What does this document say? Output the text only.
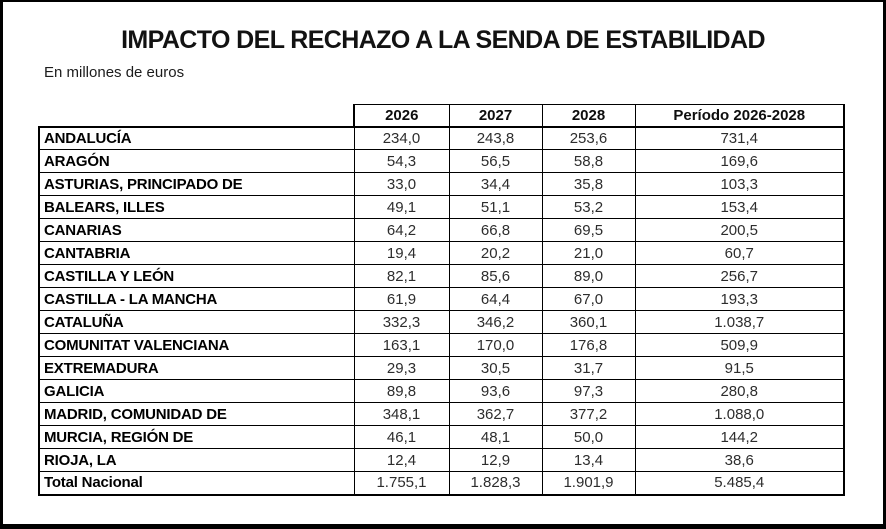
IMPACTO DEL RECHAZO A LA SENDA DE ESTABILIDAD

En millones de euros

	2026	2027	2028	Período 2026-2028
ANDALUCÍA	234,0	243,8	253,6	731,4
ARAGÓN	54,3	56,5	58,8	169,6
ASTURIAS, PRINCIPADO DE	33,0	34,4	35,8	103,3
BALEARS, ILLES	49,1	51,1	53,2	153,4
CANARIAS	64,2	66,8	69,5	200,5
CANTABRIA	19,4	20,2	21,0	60,7
CASTILLA Y LEÓN	82,1	85,6	89,0	256,7
CASTILLA - LA MANCHA	61,9	64,4	67,0	193,3
CATALUÑA	332,3	346,2	360,1	1.038,7
COMUNITAT VALENCIANA	163,1	170,0	176,8	509,9
EXTREMADURA	29,3	30,5	31,7	91,5
GALICIA	89,8	93,6	97,3	280,8
MADRID, COMUNIDAD DE	348,1	362,7	377,2	1.088,0
MURCIA, REGIÓN DE	46,1	48,1	50,0	144,2
RIOJA, LA	12,4	12,9	13,4	38,6
Total Nacional	1.755,1	1.828,3	1.901,9	5.485,4
